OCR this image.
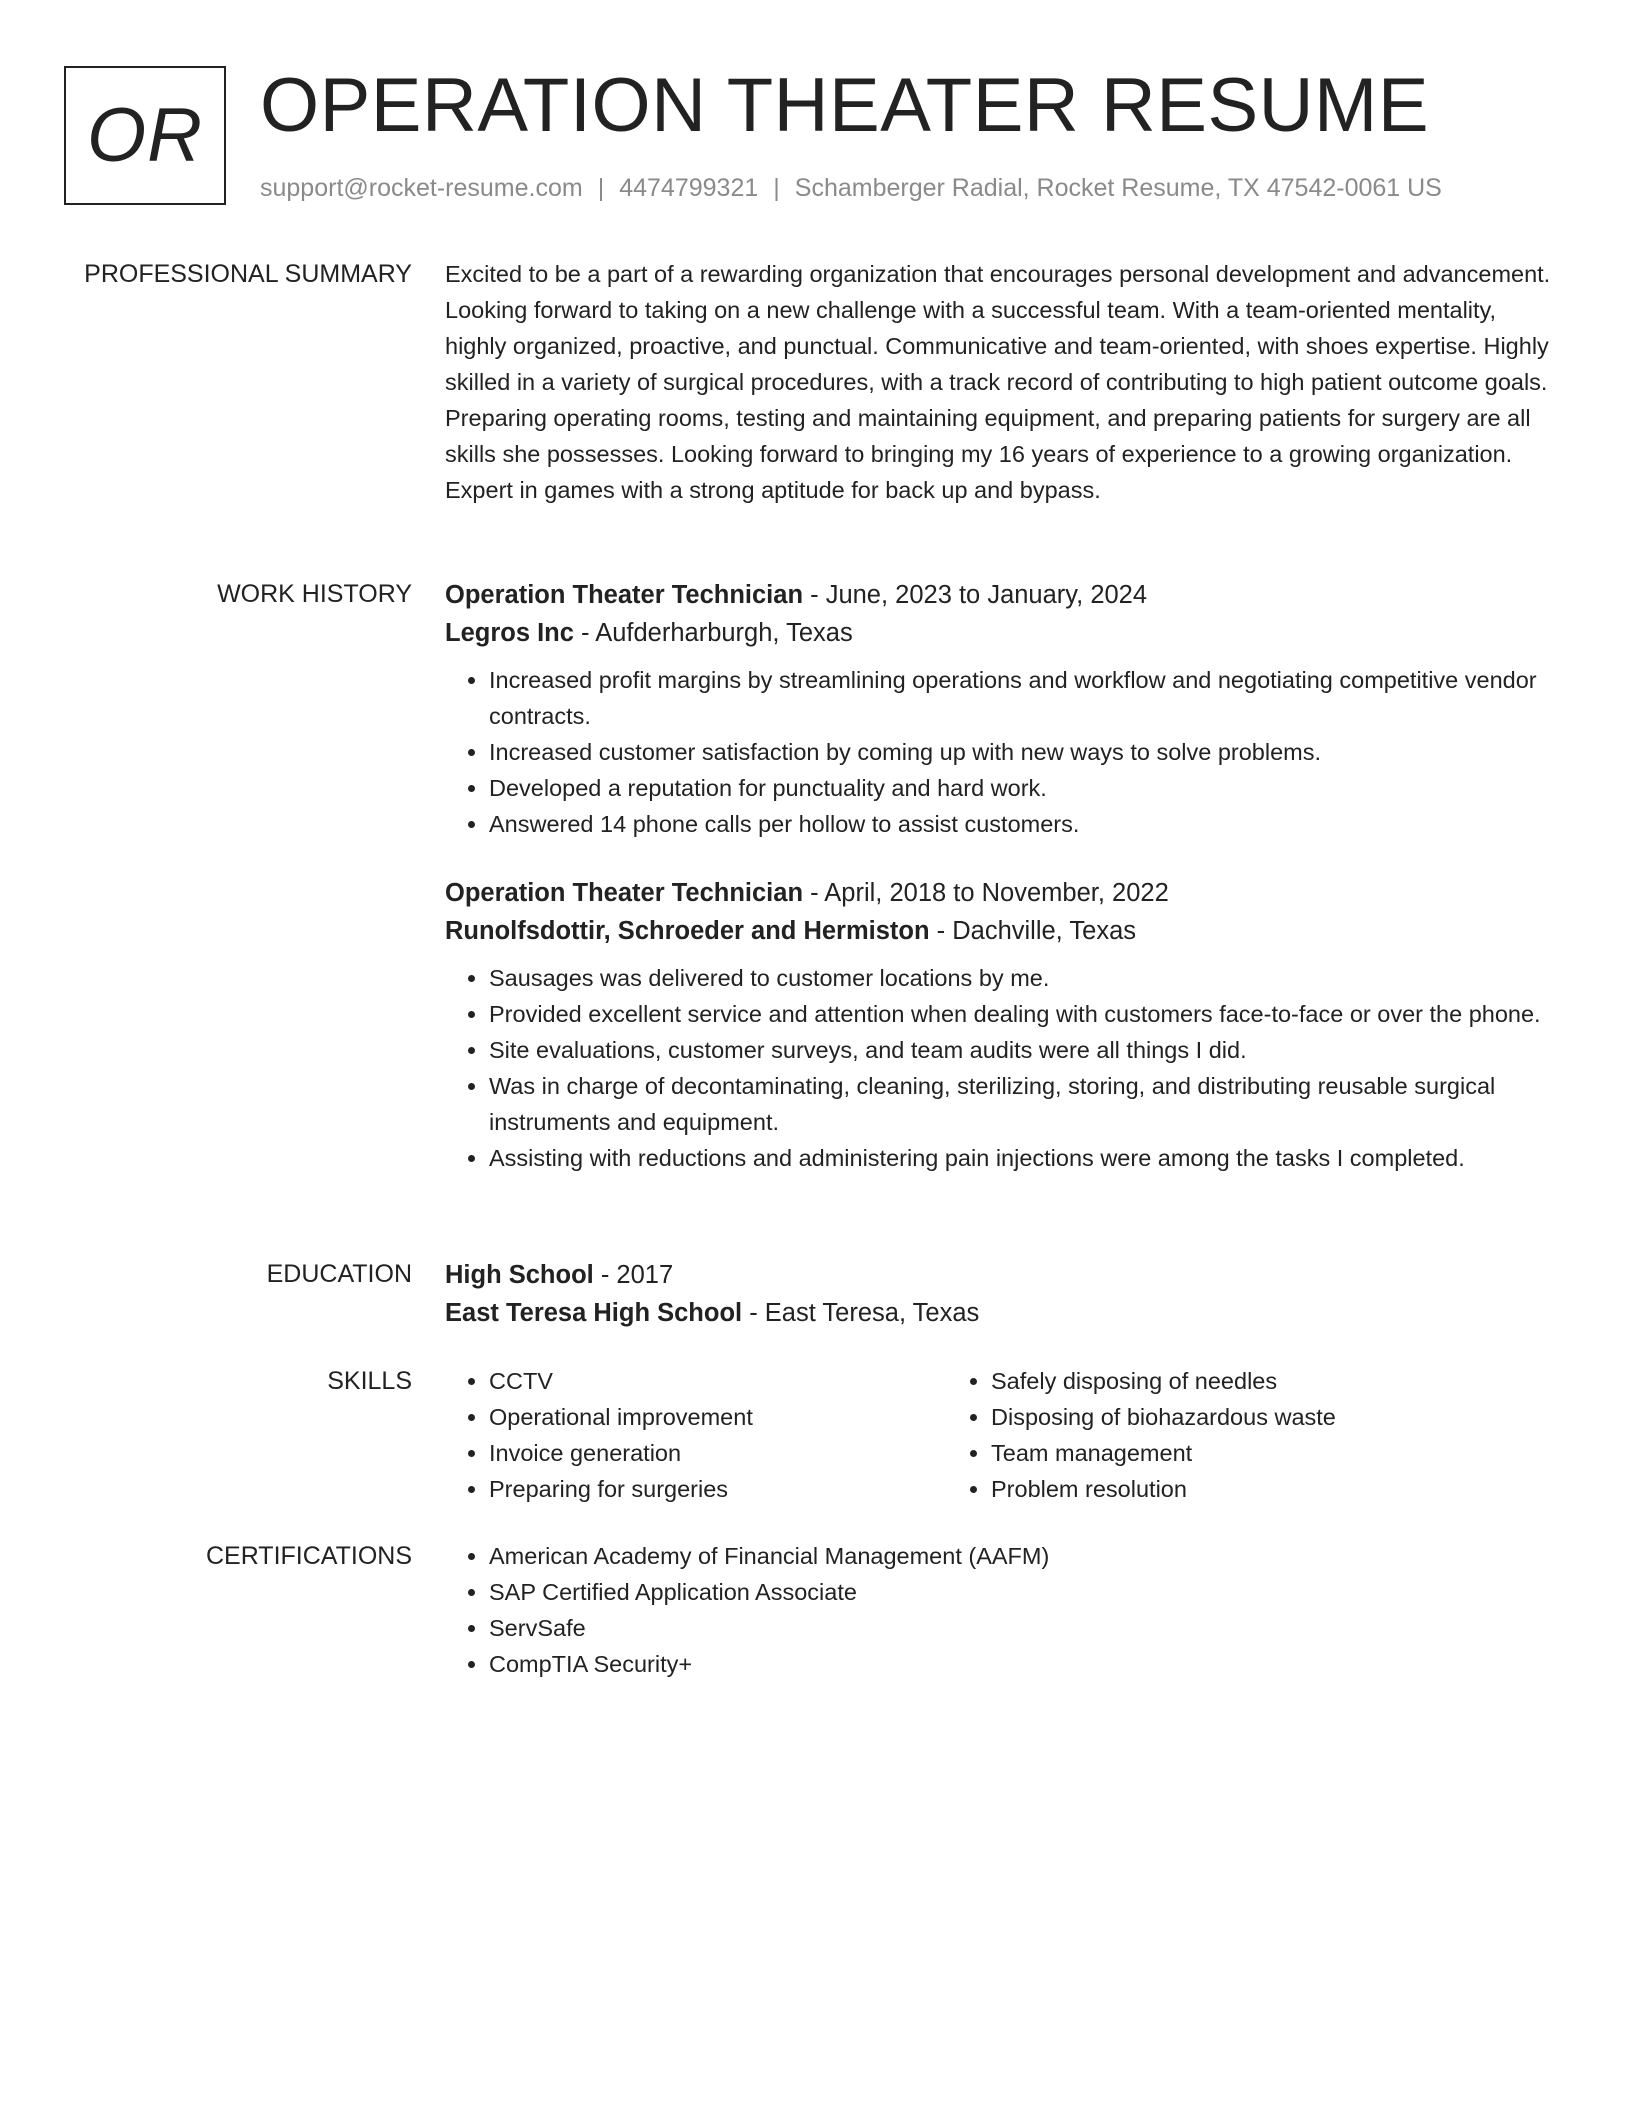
OR OPERATION THEATER RESUME
support@rocket-resume.com | 4474799321 | Schamberger Radial, Rocket Resume, TX 47542-0061 US
PROFESSIONAL SUMMARY Excited to be a part of a rewarding organization that encourages personal development and advancement. Looking forward to taking on a new challenge with a successful team. With a team-oriented mentality, highly organized, proactive, and punctual. Communicative and team-oriented, with shoes expertise. Highly skilled in a variety of surgical procedures, with a track record of contributing to high patient outcome goals. Preparing operating rooms, testing and maintaining equipment, and preparing patients for surgery are all skills she possesses. Looking forward to bringing my 16 years of experience to a growing organization. Expert in games with a strong aptitude for back up and bypass.

WORK HISTORY Operation Theater Technician - June, 2023 to January, 2024
Legros Inc - Aufderharburgh, Texas
• Increased profit margins by streamlining operations and workflow and negotiating competitive vendor contracts.
• Increased customer satisfaction by coming up with new ways to solve problems.
• Developed a reputation for punctuality and hard work.
• Answered 14 phone calls per hollow to assist customers.
Operation Theater Technician - April, 2018 to November, 2022
Runolfsdottir, Schroeder and Hermiston - Dachville, Texas
• Sausages was delivered to customer locations by me.
• Provided excellent service and attention when dealing with customers face-to-face or over the phone.
• Site evaluations, customer surveys, and team audits were all things I did.
• Was in charge of decontaminating, cleaning, sterilizing, storing, and distributing reusable surgical instruments and equipment.
• Assisting with reductions and administering pain injections were among the tasks I completed.
EDUCATION High School - 2017
East Teresa High School - East Teresa, Texas
SKILLS	• CCTV
• Operational improvement
• Invoice generation
• Preparing for surgeries
• Safely disposing of needles
• Disposing of biohazardous waste
• Team management
• Problem resolution
CERTIFICATIONS	• American Academy of Financial Management (AAFM)
• SAP Certified Application Associate
• ServSafe
• CompTIA Security+
